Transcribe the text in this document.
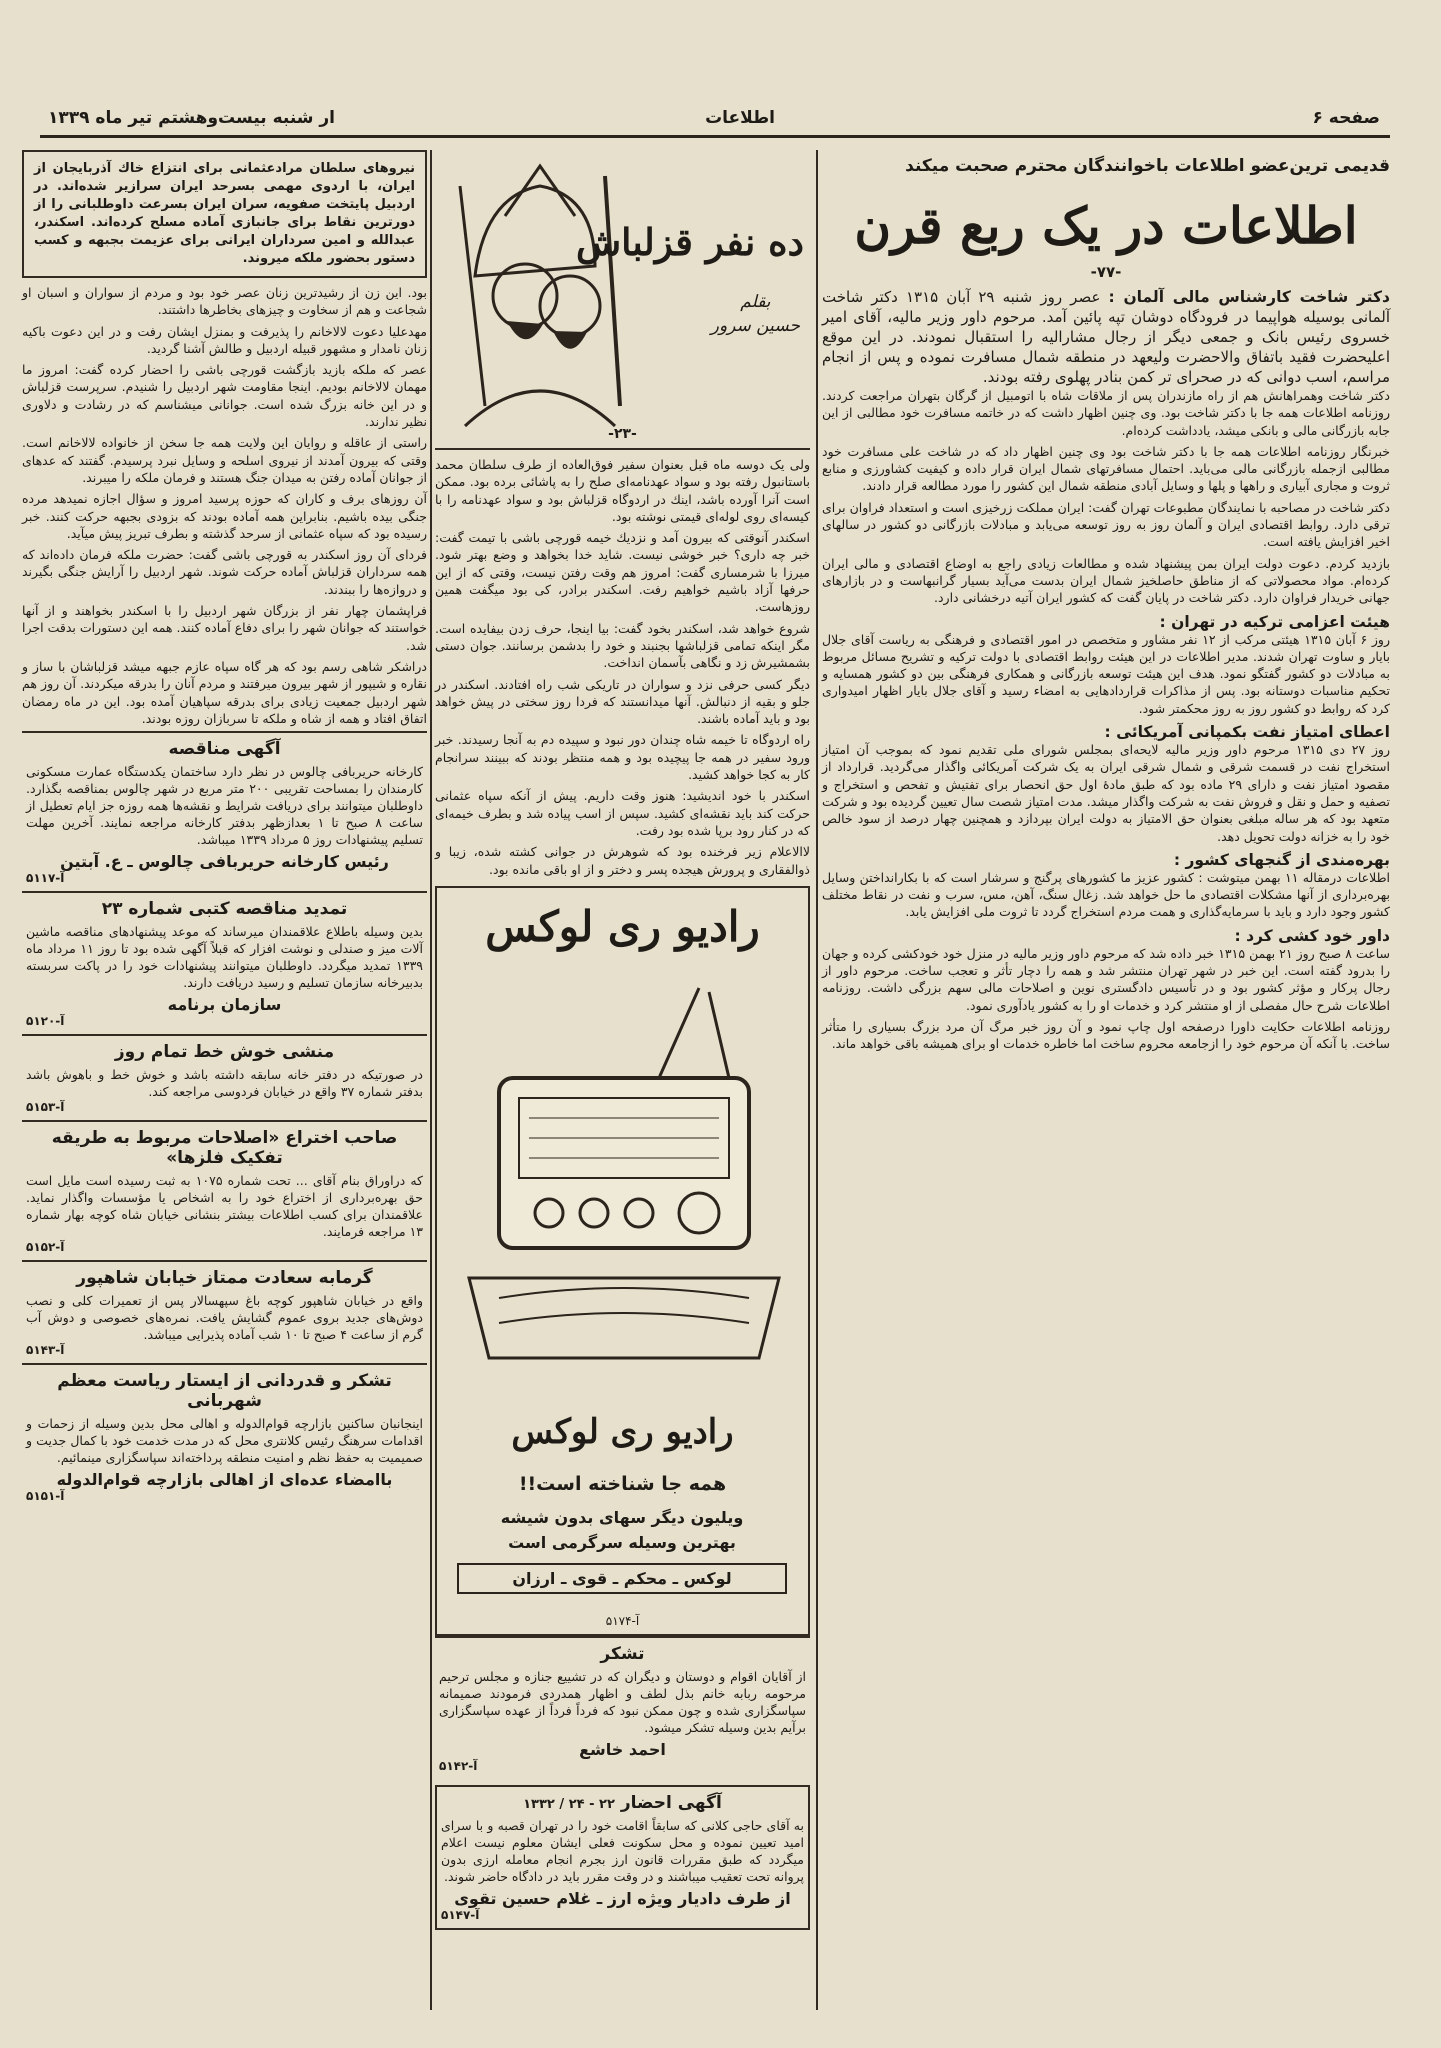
صفحه ۶
اطلاعات
ار شنبه بیست‌وهشتم تیر ماه ۱۳۳۹
قدیمی ترین‌عضو اطلاعات باخوانندگان محترم صحبت میکند
اطلاعات در یک ربع قرن
-۷۷-
دکتر شاخت کارشناس مالی آلمان : عصر روز شنبه ۲۹ آبان ۱۳۱۵ دکتر شاخت آلمانی بوسیله هواپیما در فرودگاه دوشان تپه پائین آمد. مرحوم داور وزیر مالیه، آقای امیر خسروی رئیس بانک و جمعی دیگر از رجال مشارالیه را استقبال نمودند. در این موقع اعلیحضرت فقید باتفاق والاحضرت ولیعهد در منطقه شمال مسافرت نموده و پس از انجام مراسم، اسب دوانی که در صحرای تر کمن بنادر پهلوی رفته بودند.

دکتر شاخت وهمراهانش هم از راه مازندران پس از ملاقات شاه با اتومبیل از گرگان بتهران مراجعت کردند. روزنامه اطلاعات همه جا با دکتر شاخت بود. وی چنین اظهار داشت که در خاتمه مسافرت خود مطالبی از این جابه بازرگانی مالی و بانکی میشد، یادداشت کرده‌ام.

خبرنگار روزنامه اطلاعات همه جا با دکتر شاخت بود وی چنین اظهار داد که در شاخت علی مسافرت خود مطالبی ازجمله بازرگانی مالی می‌باید. احتمال مسافرتهای شمال ایران قرار داده و کیفیت کشاورزی و منابع ثروت و مجاری آبیاری و راهها و پلها و وسایل آبادی منطقه شمال این کشور را مورد مطالعه قرار دادند.

دکتر شاخت در مصاحبه با نمایندگان مطبوعات تهران گفت: ایران مملکت زرخیزی است و استعداد فراوان برای ترقی دارد. روابط اقتصادی ایران و آلمان روز به روز توسعه می‌یابد و مبادلات بازرگانی دو کشور در سالهای اخیر افزایش یافته است.

بازدید کردم. دعوت دولت ایران بمن پیشنهاد شده و مطالعات زیادی راجع به اوضاع اقتصادی و مالی ایران کرده‌ام. مواد محصولاتی که از مناطق حاصلخیز شمال ایران بدست می‌آید بسیار گرانبهاست و در بازارهای جهانی خریدار فراوان دارد. دکتر شاخت در پایان گفت که کشور ایران آتیه درخشانی دارد.

هیئت اعزامی ترکیه در تهران :

روز ۶ آبان ۱۳۱۵ هیئتی مرکب از ۱۲ نفر مشاور و متخصص در امور اقتصادی و فرهنگی به ریاست آقای جلال بایار و ساوت تهران شدند. مدیر اطلاعات در این هیئت روابط اقتصادی با دولت ترکیه و تشریح مسائل مربوط به مبادلات دو کشور گفتگو نمود. هدف این هیئت توسعه بازرگانی و همکاری فرهنگی بین دو کشور همسایه و تحکیم مناسبات دوستانه بود. پس از مذاکرات قراردادهایی به امضاء رسید و آقای جلال بایار اظهار امیدواری کرد که روابط دو کشور روز به روز محکمتر شود.

اعطای امتیاز نفت بکمپانی آمریکائی :

روز ۲۷ دی ۱۳۱۵ مرحوم داور وزیر مالیه لایحه‌ای بمجلس شورای ملی تقدیم نمود که بموجب آن امتیاز استخراج نفت در قسمت شرقی و شمال شرقی ایران به یک شرکت آمریکائی واگذار می‌گردید. قرارداد از مقصود امتیاز نفت و دارای ۲۹ ماده بود که طبق مادهٔ اول حق انحصار برای تفتیش و تفحص و استخراج و تصفیه و حمل و نقل و فروش نفت به شرکت واگذار میشد. مدت امتیاز شصت سال تعیین گردیده بود و شرکت متعهد بود که هر ساله مبلغی بعنوان حق الامتیاز به دولت ایران بپردازد و همچنین چهار درصد از سود خالص خود را به خزانه دولت تحویل دهد.

بهره‌مندی از گنجهای کشور :

اطلاعات درمقاله ۱۱ بهمن میتوشت : کشور عزیز ما کشورهای پرگنج و سرشار است که با بکارانداختن وسایل بهره‌برداری از آنها مشکلات اقتصادی ما حل خواهد شد. زغال سنگ، آهن، مس، سرب و نفت در نقاط مختلف کشور وجود دارد و باید با سرمایه‌گذاری و همت مردم استخراج گردد تا ثروت ملی افزایش یابد.

داور خود کشی کرد :

ساعت ۸ صبح روز ۲۱ بهمن ۱۳۱۵ خبر داده شد که مرحوم داور وزیر مالیه در منزل خود خودکشی کرده و جهان را بدرود گفته است. این خبر در شهر تهران منتشر شد و همه را دچار تأثر و تعجب ساخت. مرحوم داور از رجال پرکار و مؤثر کشور بود و در تأسیس دادگستری نوین و اصلاحات مالی سهم بزرگی داشت. روزنامه اطلاعات شرح حال مفصلی از او منتشر کرد و خدمات او را به کشور یادآوری نمود.

روزنامه اطلاعات حکایت داورا درصفحه اول چاپ نمود و آن روز خبر مرگ آن مرد بزرگ بسیاری را متأثر ساخت. با آنکه آن مرحوم خود را ازجامعه محروم ساخت اما خاطره خدمات او برای همیشه باقی خواهد ماند.

ده نفر قزلباش
بقلم
حسین سرور
-۲۳-

ولی یک دوسه ماه قبل بعنوان سفیر فوق‌العاده از طرف سلطان محمد باستانبول رفته بود و سواد عهدنامه‌ای صلح را به پاشائی برده بود. ممکن است آنرا آورده باشد، اینك در اردوگاه قزلباش بود و سواد عهدنامه را با کیسه‌ای روی لوله‌ای قیمتی نوشته بود.

اسکندر آنوقتی که بیرون آمد و نزدیك خیمه قورچی باشی با تیمت گفت: خبر چه داری؟ خبر خوشی نیست. شاید خدا بخواهد و وضع بهتر شود. میرزا با شرمساری گفت: امروز هم وقت رفتن نیست، وقتی که از این حرفها آزاد باشیم خواهیم رفت. اسکندر برادر، کی بود میگفت همین روزهاست.

شروع خواهد شد، اسکندر بخود گفت: بیا اینجا، حرف زدن بیفایده است. مگر اینکه تمامی قزلباشها بجنبند و خود را بدشمن برسانند. جوان دستی بشمشیرش زد و نگاهی بآسمان انداخت.

دیگر کسی حرفی نزد و سواران در تاریکی شب راه افتادند. اسکندر در جلو و بقیه از دنبالش. آنها میدانستند که فردا روز سختی در پیش خواهد بود و باید آماده باشند.

راه اردوگاه تا خیمه شاه چندان دور نبود و سپیده دم به آنجا رسیدند. خبر ورود سفیر در همه جا پیچیده بود و همه منتظر بودند که ببینند سرانجام کار به کجا خواهد کشید.

اسکندر با خود اندیشید: هنوز وقت داریم. پیش از آنکه سپاه عثمانی حرکت کند باید نقشه‌ای کشید. سپس از اسب پیاده شد و بطرف خیمه‌ای که در کنار رود برپا شده بود رفت.

لاالاعلام زیر فرخنده بود که شوهرش در جوانی کشته شده، زیبا و ذوالفقاری و پرورش هیجده پسر و دختر و از او باقی مانده بود.

رادیو ری لوکس
رادیو ری لوکس
همه جا شناخته است!!
ویلیون دیگر سهای بدون شیشه
بهترین وسیله سرگرمی است
لوکس ـ محکم ـ قوی ـ ارزان
آ-۵۱۷۴
تشکر
از آقایان اقوام و دوستان و دیگران که در تشییع جنازه و مجلس ترحیم مرحومه ربابه خانم بذل لطف و اظهار همدردی فرمودند صمیمانه سپاسگزاری شده و چون ممکن نبود که فرداً فرداً از عهده سپاسگزاری برآیم بدین وسیله تشکر میشود.
احمد خاشع
آ-۵۱۴۲
آگهی احضار ۲۲ - ۲۴ / ۱۳۳۲
به آقای حاجی کلانی که سابقاً اقامت خود را در تهران قصبه و با سرای امید تعیین نموده و محل سکونت فعلی ایشان معلوم نیست اعلام میگردد که طبق مقررات قانون ارز بجرم انجام معامله ارزی بدون پروانه تحت تعقیب میباشند و در وقت مقرر باید در دادگاه حاضر شوند.
از طرف دادیار ویژه ارز ـ غلام حسین تقوی
آ-۵۱۴۷
نیروهای سلطان مرادعثمانی برای انتزاع خاك آذربایجان از ایران، با اردوی مهمی بسرحد ایران سرازیر شده‌اند. در اردبیل پایتخت صفویه، سران ایران بسرعت داوطلبانی را از دورترین نقاط برای جانبازی آماده مسلح کرده‌اند. اسکندر، عبدالله و امین سرداران ایرانی برای عزیمت بجبهه و کسب دستور بحضور ملکه میروند.

بود. این زن از رشیدترین زنان عصر خود بود و مردم از سواران و اسبان او شجاعت و هم از سخاوت و چیزهای بخاطرها داشتند.

مهدعلیا دعوت لالاخانم را پذیرفت و بمنزل ایشان رفت و در این دعوت باکیه زنان نامدار و مشهور قبیله اردبیل و طالش آشنا گردید.

عصر که ملکه بازید بازگشت قورچی باشی را احضار کرده گفت: امروز ما مهمان لالاخانم بودیم. اینجا مقاومت شهر اردبیل را شنیدم. سرپرست قزلباش و در این خانه بزرگ شده است. جوانانی میشناسم که در رشادت و دلاوری نظیر ندارند.

راستی از عاقله و روایان این ولایت همه جا سخن از خانواده لالاخانم است. وقتی که بیرون آمدند از نیروی اسلحه و وسایل نبرد پرسیدم. گفتند که عدهای از جوانان آماده رفتن به میدان جنگ هستند و فرمان ملکه را میبرند.

آن روزهای برف و کاران که حوزه پرسید امروز و سؤال اجازه نمیدهد مرده جنگی بیده باشیم. بنابراین همه آماده بودند که بزودی بجبهه حرکت کنند. خبر رسیده بود که سپاه عثمانی از سرحد گذشته و بطرف تبریز پیش میآید.

فردای آن روز اسکندر به قورچی باشی گفت: حضرت ملکه فرمان داده‌اند که همه سرداران قزلباش آماده حرکت شوند. شهر اردبیل را آرایش جنگی بگیرند و دروازه‌ها را ببندند.

فراپشمان چهار نفر از بزرگان شهر اردبیل را با اسکندر بخواهند و از آنها خواستند که جوانان شهر را برای دفاع آماده کنند. همه این دستورات بدقت اجرا شد.

دراشکر شاهی رسم بود که هر گاه سپاه عازم جبهه میشد قزلباشان با ساز و نقاره و شیپور از شهر بیرون میرفتند و مردم آنان را بدرقه میکردند. آن روز هم شهر اردبیل جمعیت زیادی برای بدرقه سپاهیان آمده بود. این در ماه رمضان اتفاق افتاد و همه از شاه و ملکه تا سربازان روزه بودند.

آگهی مناقصه
کارخانه حریربافی چالوس در نظر دارد ساختمان یکدستگاه عمارت مسکونی کارمندان را بمساحت تقریبی ۲۰۰ متر مربع در شهر چالوس بمناقصه بگذارد. داوطلبان میتوانند برای دریافت شرایط و نقشه‌ها همه روزه جز ایام تعطیل از ساعت ۸ صبح تا ۱ بعدازظهر بدفتر کارخانه مراجعه نمایند. آخرین مهلت تسلیم پیشنهادات روز ۵ مرداد ۱۳۳۹ میباشد.
رئیس کارخانه حریربافی چالوس ـ ع. آبتین
آ-۵۱۱۷
تمدید مناقصه کتبی شماره ۲۳
بدین وسیله باطلاع علاقمندان میرساند که موعد پیشنهادهای مناقصه ماشین آلات میز و صندلی و نوشت افزار که قبلاً آگهی شده بود تا روز ۱۱ مرداد ماه ۱۳۳۹ تمدید میگردد. داوطلبان میتوانند پیشنهادات خود را در پاکت سربسته بدبیرخانه سازمان تسلیم و رسید دریافت دارند.
سازمان برنامه
آ-۵۱۲۰
منشی خوش خط تمام روز
در صورتیکه در دفتر خانه سابقه داشته باشد و خوش خط و باهوش باشد بدفتر شماره ۳۷ واقع در خیابان فردوسی مراجعه کند.
آ-۵۱۵۳
صاحب اختراع «اصلاحات مربوط به طریقه تفکیک فلزها»
که دراوراق بنام آقای ... تحت شماره ۱۰۷۵ به ثبت رسیده است مایل است حق بهره‌برداری از اختراع خود را به اشخاص یا مؤسسات واگذار نماید. علاقمندان برای کسب اطلاعات بیشتر بنشانی خیابان شاه کوچه بهار شماره ۱۳ مراجعه فرمایند.
آ-۵۱۵۲
گرمابه سعادت ممتاز خیابان شاهپور
واقع در خیابان شاهپور کوچه باغ سپهسالار پس از تعمیرات کلی و نصب دوش‌های جدید بروی عموم گشایش یافت. نمره‌های خصوصی و دوش آب گرم از ساعت ۴ صبح تا ۱۰ شب آماده پذیرایی میباشد.
آ-۵۱۴۳
تشکر و قدردانی از ایستار ریاست معظم شهربانی
اینجانبان ساکنین بازارچه قوام‌الدوله و اهالی محل بدین وسیله از زحمات و اقدامات سرهنگ رئیس کلانتری محل که در مدت خدمت خود با کمال جدیت و صمیمیت به حفظ نظم و امنیت منطقه پرداخته‌اند سپاسگزاری مینمائیم.
باامضاء عده‌ای از اهالی بازارچه قوام‌الدوله
آ-۵۱۵۱
